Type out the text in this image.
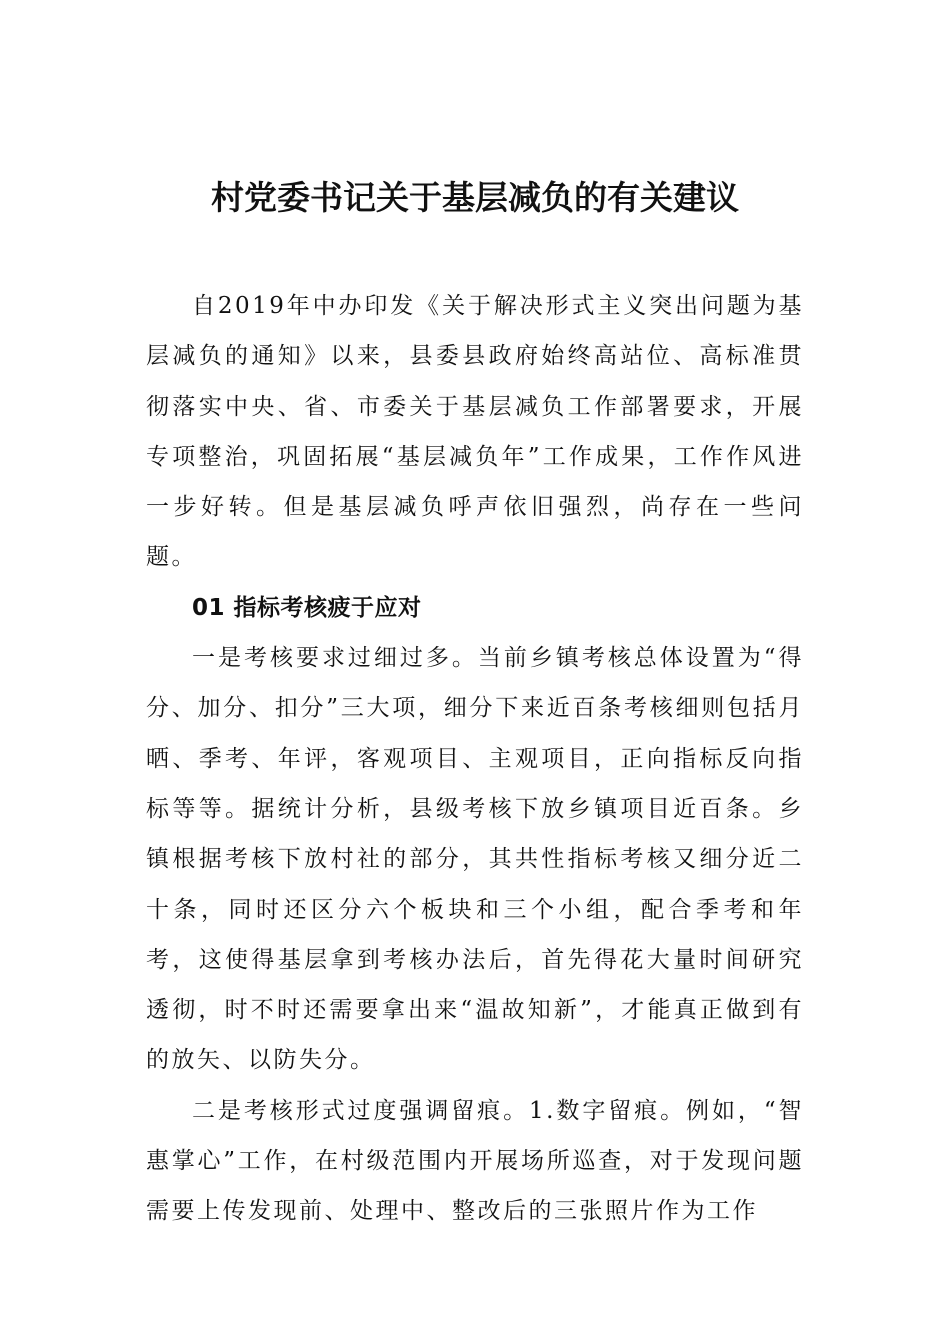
村党委书记关于基层减负的有关建议

自2019年中办印发《关于解决形式主义突出问题为基层减负的通知》以来，县委县政府始终高站位、高标准贯彻落实中央、省、市委关于基层减负工作部署要求，开展专项整治，巩固拓展“基层减负年”工作成果，工作作风进一步好转。但是基层减负呼声依旧强烈，尚存在一些问题。

01 指标考核疲于应对

一是考核要求过细过多。当前乡镇考核总体设置为“得分、加分、扣分”三大项，细分下来近百条考核细则包括月晒、季考、年评，客观项目、主观项目，正向指标反向指标等等。据统计分析，县级考核下放乡镇项目近百条。乡镇根据考核下放村社的部分，其共性指标考核又细分近二十条，同时还区分六个板块和三个小组，配合季考和年考，这使得基层拿到考核办法后，首先得花大量时间研究透彻，时不时还需要拿出来“温故知新”，才能真正做到有的放矢、以防失分。

二是考核形式过度强调留痕。1.数字留痕。例如，“智惠掌心”工作，在村级范围内开展场所巡查，对于发现问题需要上传发现前、处理中、整改后的三张照片作为工作
